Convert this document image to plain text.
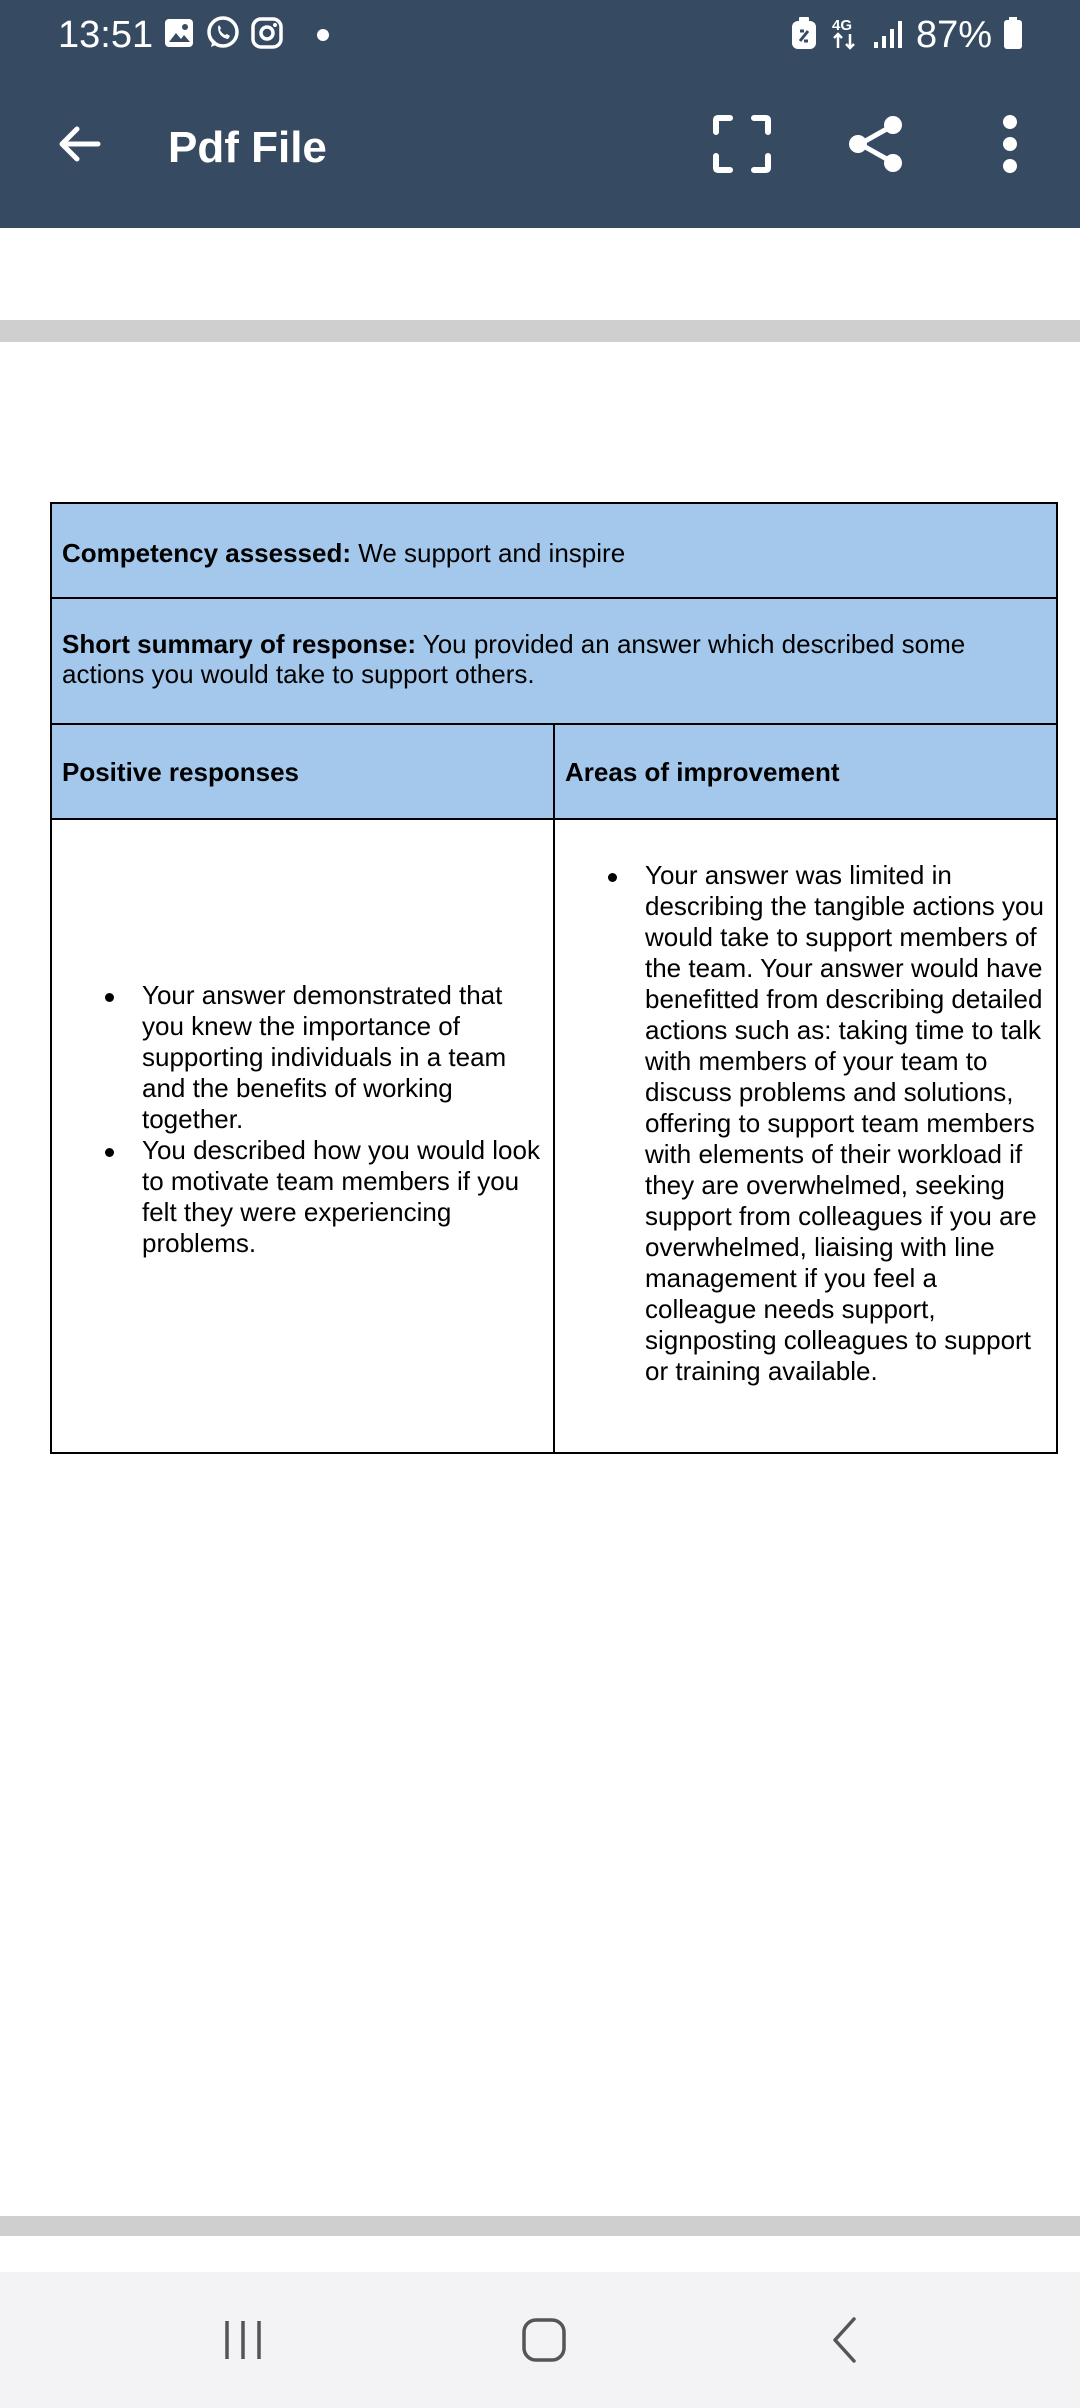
13:51	4G 87%
Pdf File
Competency assessed: We support and inspire
Short summary of response: You provided an answer which described some actions you would take to support others.
Positive responses	Areas of improvement
Your answer demonstrated that you knew the importance of supporting individuals in a team and the benefits of working together.
You described how you would look to motivate team members if you felt they were experiencing problems.
Your answer was limited in describing the tangible actions you would take to support members of the team. Your answer would have benefitted from describing detailed actions such as: taking time to talk with members of your team to discuss problems and solutions, offering to support team members with elements of their workload if they are overwhelmed, seeking support from colleagues if you are overwhelmed, liaising with line management if you feel a colleague needs support, signposting colleagues to support or training available.
